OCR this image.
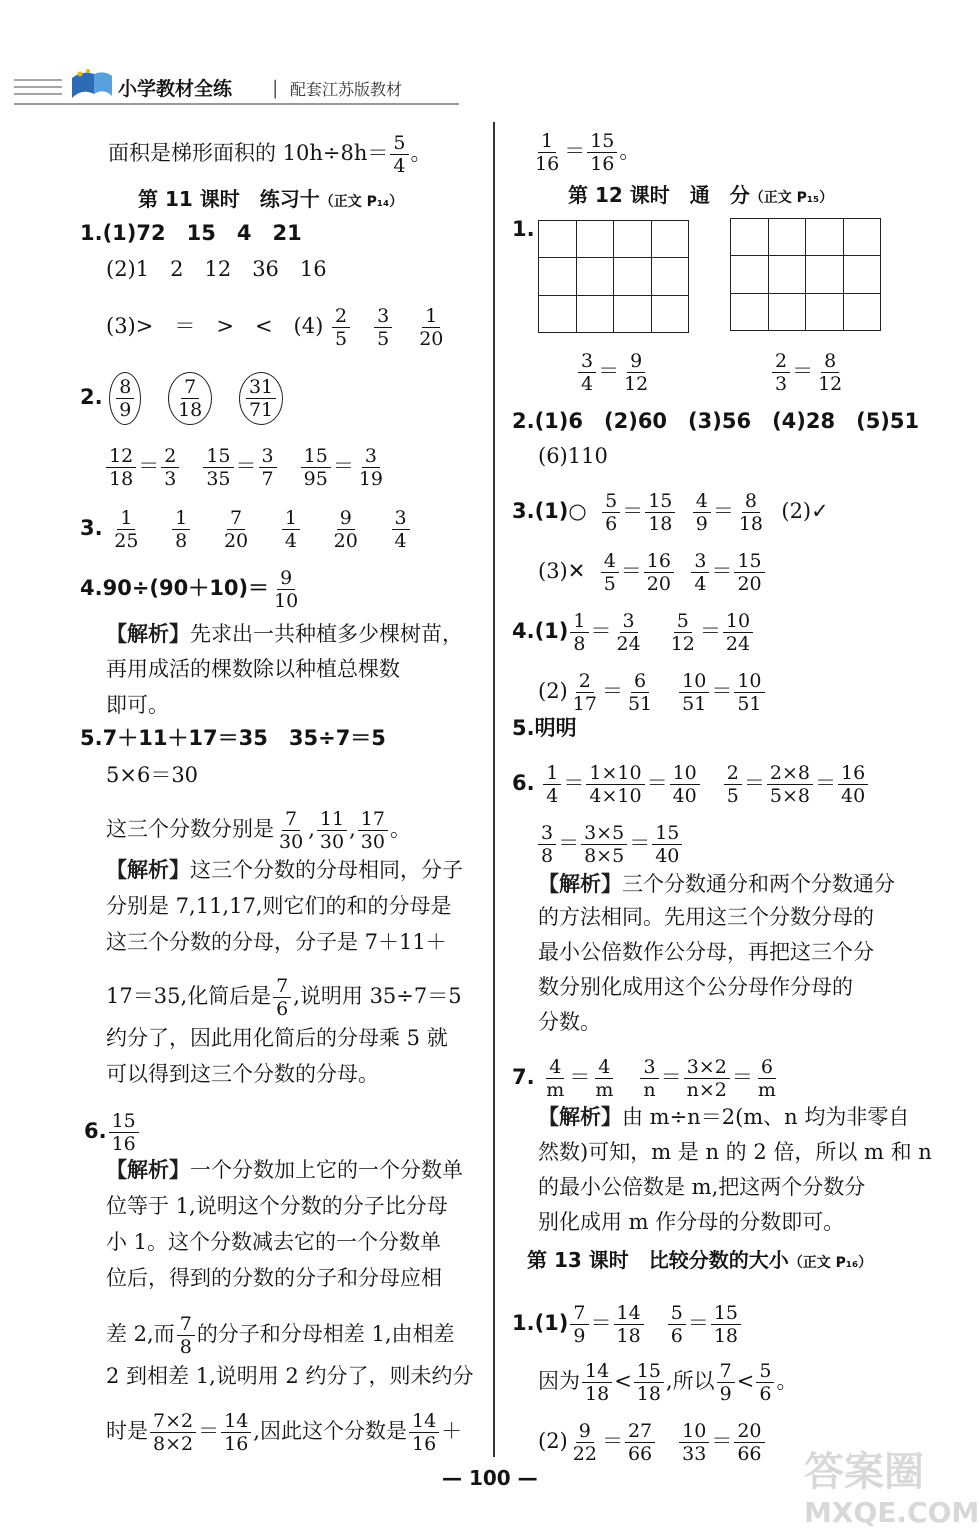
小学教材全练 | 配套江苏版教材
面积是梯形面积的 $10h\div 8h= \frac{5}{4}$ 。
第 11 课时　练习十（正文 P₁₄）
1.(1)72　15　4　21
(2)1　2　12　36　16
(3)>　＝　>　<　$(4) \frac{2}{5}$
$\frac{3}{5}$
$\frac{1}{20}$
2. $\frac{8}{9}$
$\frac{7}{18}$
$\frac{31}{71}$
$\frac{12}{18} = \frac{2}{3}$
$\frac{15}{35} = \frac{3}{7}$
$\frac{15}{95} = \frac{3}{19}$
3. $\frac{1}{25}$
$\frac{1}{8}$
$\frac{7}{20}$
$\frac{1}{4}$
$\frac{9}{20}$
$\frac{3}{4}$
$4.90\div(90+10)= \frac{9}{10}$
【解析】先求出一共种植多少棵树苗，
再用成活的棵数除以种植总棵数
即可。
5.7＋11＋17＝35　35÷7＝5
5×6＝30
这三个分数分别是 $\frac{7}{30}$ , $\frac{11}{30}$ , $\frac{17}{30}$ 。
【解析】这三个分数的分母相同，分子
分别是 7,11,17,则它们的和的分母是
这三个分数的分母，分子是 7＋11＋
17＝35,化简后是 $\frac{7}{6}$ ,说明用 35÷7＝5
约分了，因此用化简后的分母乘 5 就
可以得到这三个分数的分母。
6. $\frac{15}{16}$
【解析】一个分数加上它的一个分数单
位等于 1,说明这个分数的分子比分母
小 1。这个分数减去它的一个分数单
位后，得到的分数的分子和分母应相
差 2,而 $\frac{7}{8}$ 的分子和分母相差 1,由相差
2 到相差 1,说明用 2 约分了，则未约分
时是 $\frac{7\times 2}{8\times 2} = \frac{14}{16}$ ,因此这个分数是 $\frac{14}{16}$ ＋
$\frac{1}{16} = \frac{15}{16}$ 。
第 12 课时　通　分（正文 P₁₅）
1.
$\frac{3}{4} = \frac{9}{12}$	$\frac{2}{3} = \frac{8}{12}$
2.(1)6　(2)60　(3)56　(4)28　(5)51
(6)110
3.(1)○ $\frac{5}{6} = \frac{15}{18}$
$\frac{4}{9} = \frac{8}{18}$ (2)✓
(3)✕ $\frac{4}{5} = \frac{16}{20}$
$\frac{3}{4} = \frac{15}{20}$
$4.(1) \frac{1}{8} = \frac{3}{24}$
$\frac{5}{12} = \frac{10}{24}$
$(2) \frac{2}{17} = \frac{6}{51}$
$\frac{10}{51} = \frac{10}{51}$
5.明明
6. $\frac{1}{4} = \frac{1\times 10}{4\times 10} = \frac{10}{40}$
$\frac{2}{5} = \frac{2\times 8}{5\times 8} = \frac{16}{40}$
$\frac{3}{8} = \frac{3\times 5}{8\times 5} = \frac{15}{40}$
【解析】三个分数通分和两个分数通分
的方法相同。先用这三个分数分母的
最小公倍数作公分母，再把这三个分
数分别化成用这个公分母作分母的
分数。
7. $\frac{4}{m} = \frac{4}{m}$
$\frac{3}{n} = \frac{3\times 2}{n\times 2} = \frac{6}{m}$
【解析】由 m÷n＝2(m、n 均为非零自
然数)可知，m 是 n 的 2 倍，所以 m 和 n
的最小公倍数是 m,把这两个分数分
别化成用 m 作分母的分数即可。
第 13 课时　比较分数的大小（正文 P₁₆）
$1.(1) \frac{7}{9} = \frac{14}{18}$
$\frac{5}{6} = \frac{15}{18}$
因为 $\frac{14}{18} < \frac{15}{18}$ ,所以 $\frac{7}{9} < \frac{5}{6}$ 。
$(2) \frac{9}{22} = \frac{27}{66}$
$\frac{10}{33} = \frac{20}{66}$
— 100 —	答案圈
MXQE.COM
